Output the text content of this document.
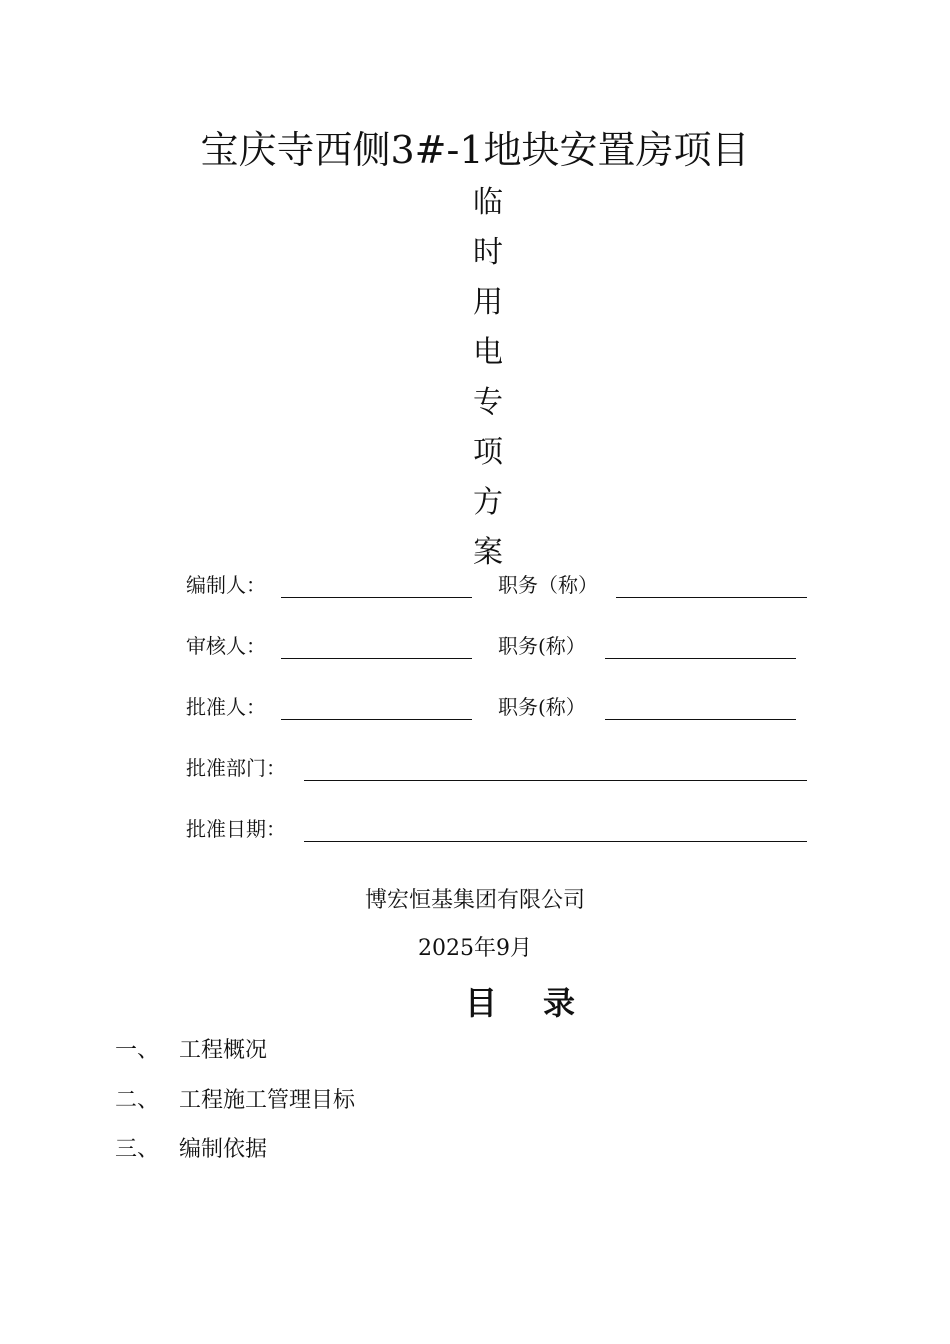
宝庆寺西侧3#-1地块安置房项目
临
时
用
电
专
项
方
案
编制人：	职务（称）
审核人：	职务(称）
批准人：	职务(称）
批准部门：
批准日期：
博宏恒基集团有限公司
2025年9月
目 录
一、 工程概况
二、 工程施工管理目标
三、 编制依据
